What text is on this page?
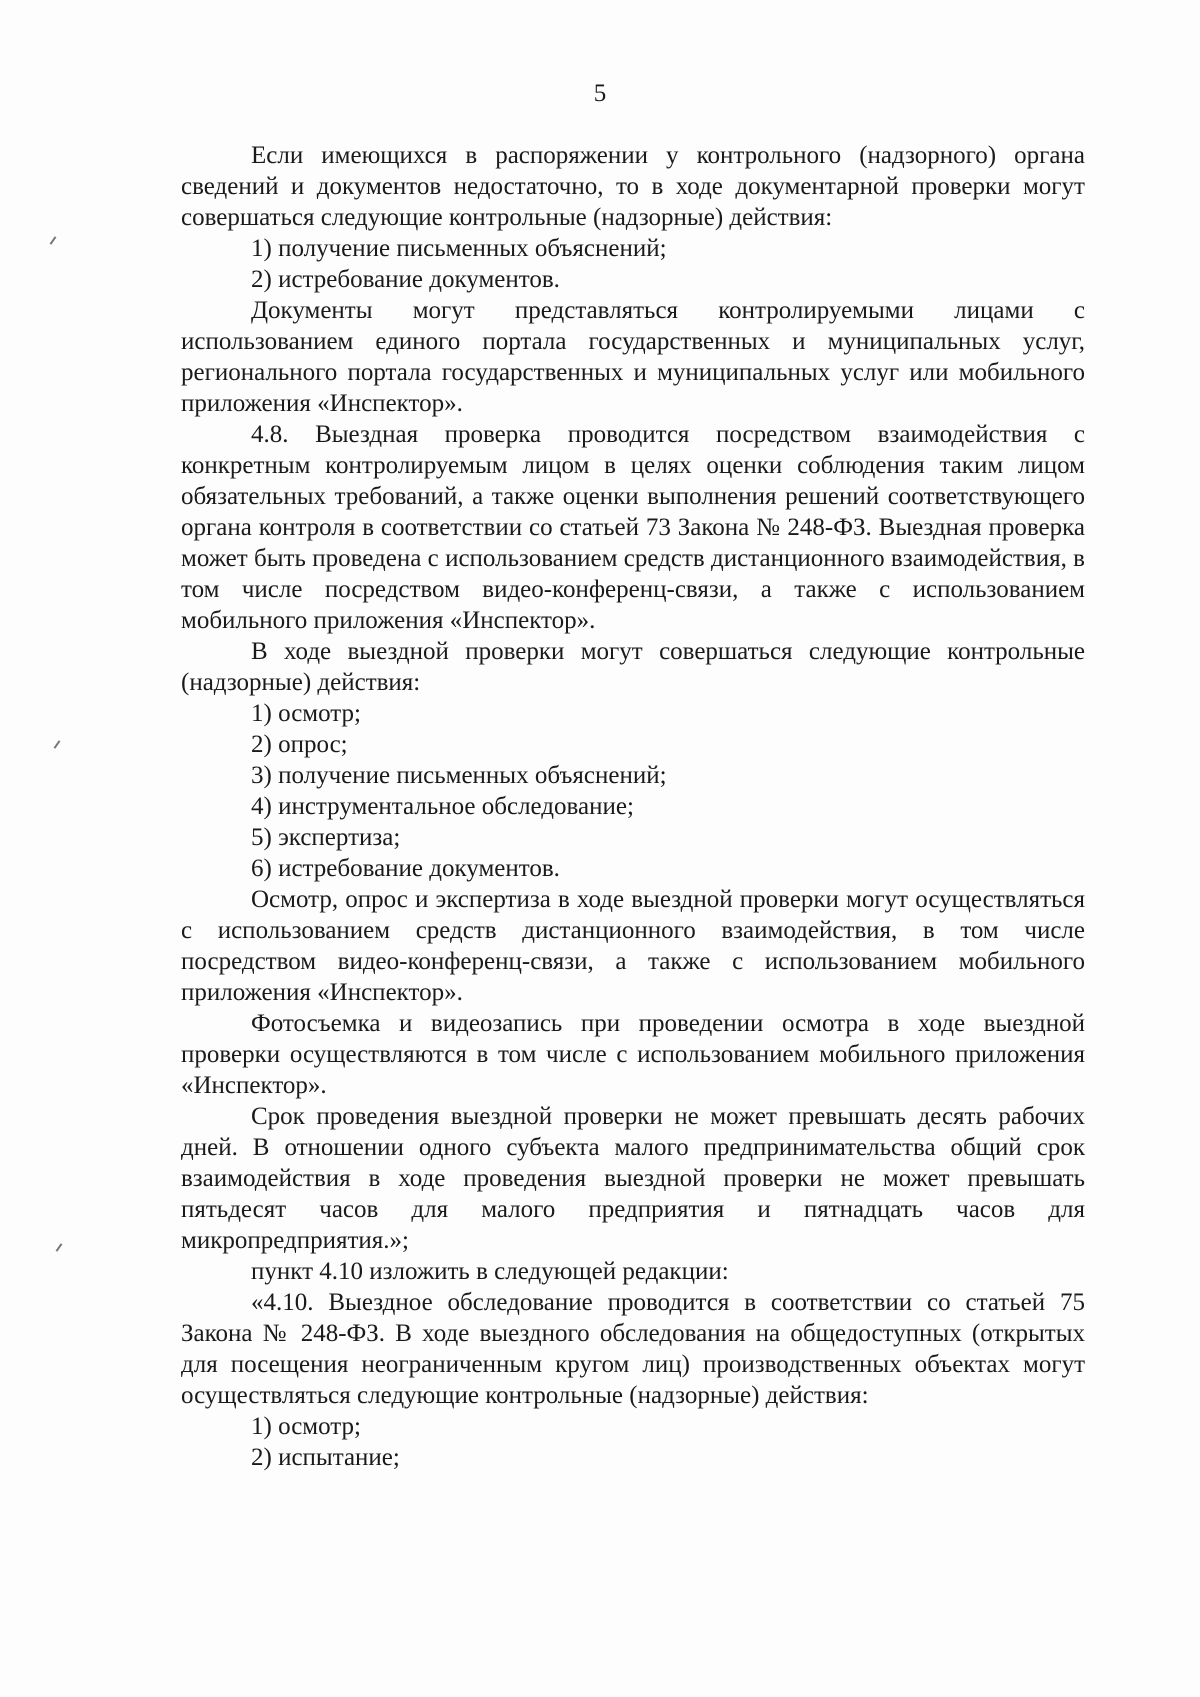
5

Если имеющихся в распоряжении у контрольного (надзорного) органа сведений и документов недостаточно, то в ходе документарной проверки могут совершаться следующие контрольные (надзорные) действия:

1) получение письменных объяснений;

2) истребование документов.

Документы могут представляться контролируемыми лицами с использованием единого портала государственных и муниципальных услуг, регионального портала государственных и муниципальных услуг или мобильного приложения «Инспектор».

4.8. Выездная проверка проводится посредством взаимодействия с конкретным контролируемым лицом в целях оценки соблюдения таким лицом обязательных требований, а также оценки выполнения решений соответствующего органа контроля в соответствии со статьей 73 Закона № 248-ФЗ. Выездная проверка может быть проведена с использованием средств дистанционного взаимодействия, в том числе посредством видео-конференц-связи, а также с использованием мобильного приложения «Инспектор».

В ходе выездной проверки могут совершаться следующие контрольные (надзорные) действия:

1) осмотр;

2) опрос;

3) получение письменных объяснений;

4) инструментальное обследование;

5) экспертиза;

6) истребование документов.

Осмотр, опрос и экспертиза в ходе выездной проверки могут осуществляться с использованием средств дистанционного взаимодействия, в том числе посредством видео-конференц-связи, а также с использованием мобильного приложения «Инспектор».

Фотосъемка и видеозапись при проведении осмотра в ходе выездной проверки осуществляются в том числе с использованием мобильного приложения «Инспектор».

Срок проведения выездной проверки не может превышать десять рабочих дней. В отношении одного субъекта малого предпринимательства общий срок взаимодействия в ходе проведения выездной проверки не может превышать пятьдесят часов для малого предприятия и пятнадцать часов для микропредприятия.»;

пункт 4.10 изложить в следующей редакции:

«4.10. Выездное обследование проводится в соответствии со статьей 75 Закона № 248-ФЗ. В ходе выездного обследования на общедоступных (открытых для посещения неограниченным кругом лиц) производственных объектах могут осуществляться следующие контрольные (надзорные) действия:

1) осмотр;

2) испытание;
